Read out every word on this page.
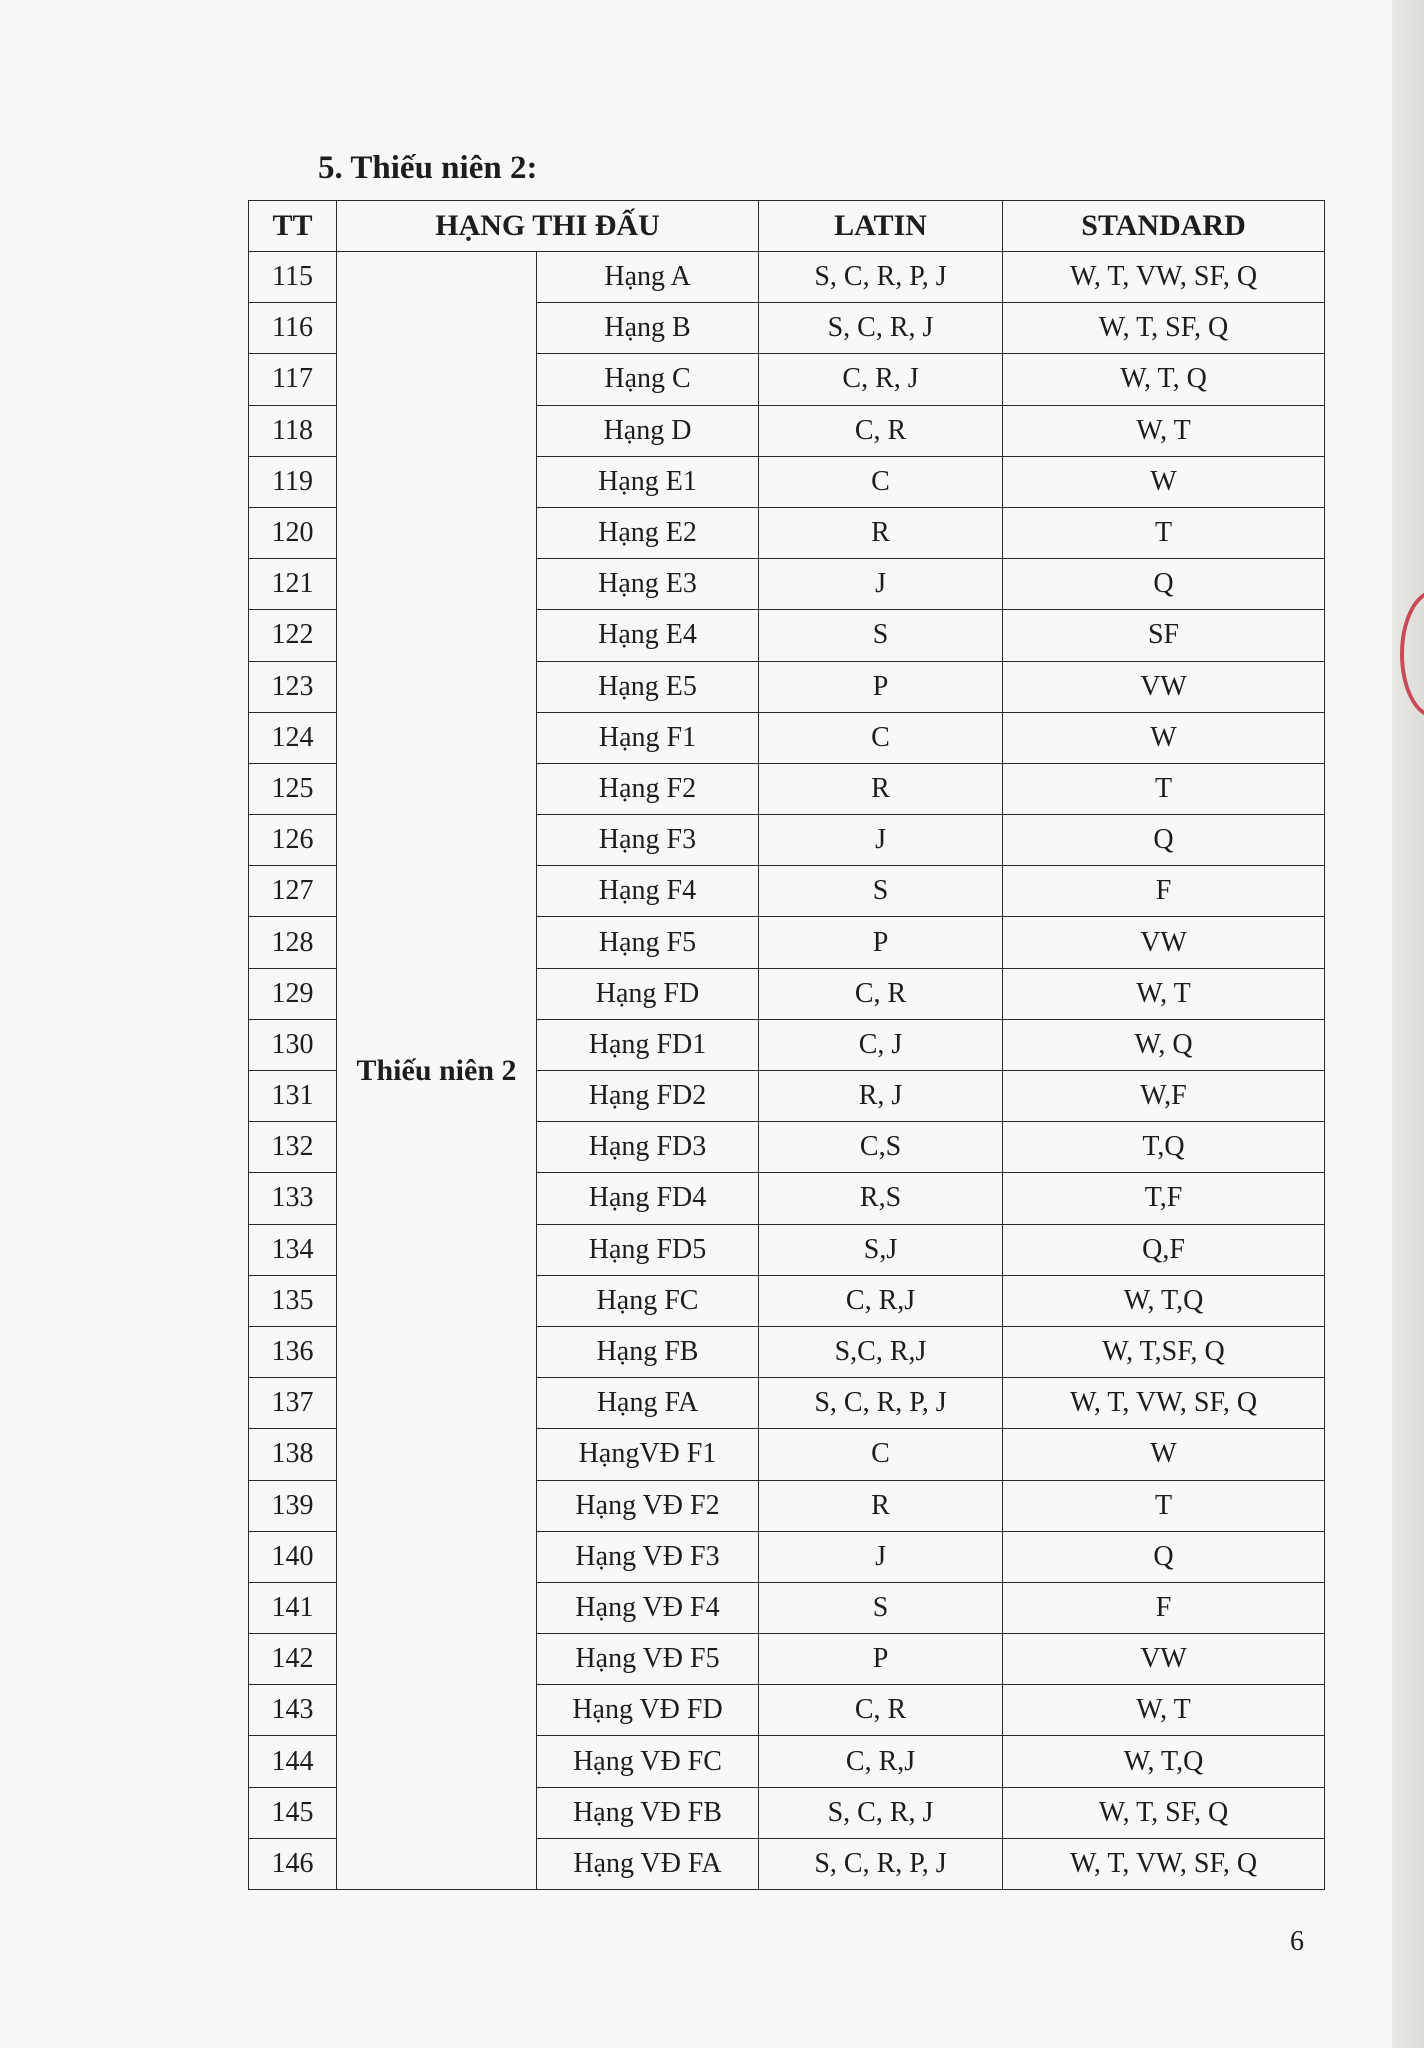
5. Thiếu niên 2:
TT	HẠNG THI ĐẤU		LATIN	STANDARD
115	Thiếu niên 2	Hạng A	S, C, R, P, J	W, T, VW, SF, Q
116		Hạng B	S, C, R, J	W, T, SF, Q
117		Hạng C	C, R, J	W, T, Q
118		Hạng D	C, R	W, T
119		Hạng E1	C	W
120		Hạng E2	R	T
121		Hạng E3	J	Q
122		Hạng E4	S	SF
123		Hạng E5	P	VW
124		Hạng F1	C	W
125		Hạng F2	R	T
126		Hạng F3	J	Q
127		Hạng F4	S	F
128		Hạng F5	P	VW
129		Hạng FD	C, R	W, T
130		Hạng FD1	C, J	W, Q
131		Hạng FD2	R, J	W,F
132		Hạng FD3	C,S	T,Q
133		Hạng FD4	R,S	T,F
134		Hạng FD5	S,J	Q,F
135		Hạng FC	C, R,J	W, T,Q
136		Hạng FB	S,C, R,J	W, T,SF, Q
137		Hạng FA	S, C, R, P, J	W, T, VW, SF, Q
138		HạngVĐ F1	C	W
139		Hạng VĐ F2	R	T
140		Hạng VĐ F3	J	Q
141		Hạng VĐ F4	S	F
142		Hạng VĐ F5	P	VW
143		Hạng VĐ FD	C, R	W, T
144		Hạng VĐ FC	C, R,J	W, T,Q
145		Hạng VĐ FB	S, C, R, J	W, T, SF, Q
146		Hạng VĐ FA	S, C, R, P, J	W, T, VW, SF, Q

6
